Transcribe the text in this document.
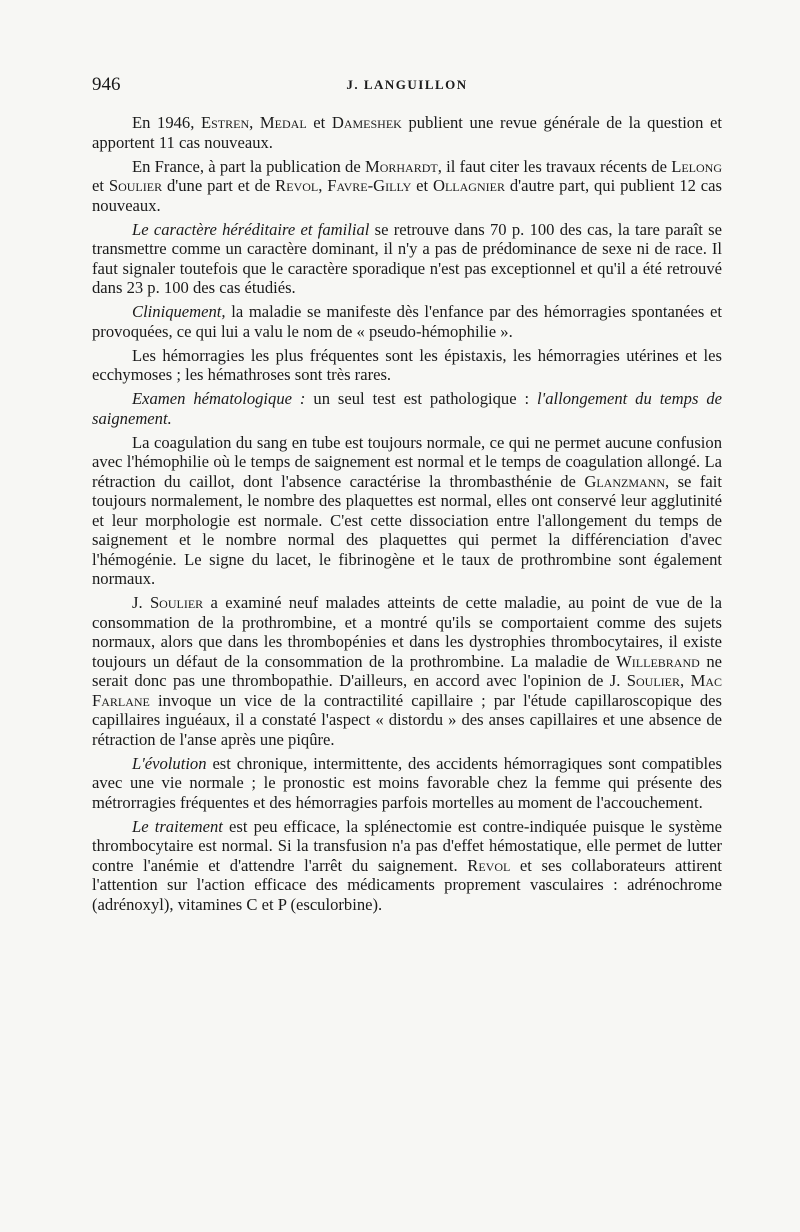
946	J. LANGUILLON

En 1946, Estren, Medal et Dameshek publient une revue générale de la question et apportent 11 cas nouveaux.

En France, à part la publication de Morhardt, il faut citer les travaux récents de Lelong et Soulier d'une part et de Revol, Favre-Gilly et Ollagnier d'autre part, qui publient 12 cas nouveaux.

Le caractère héréditaire et familial se retrouve dans 70 p. 100 des cas, la tare paraît se transmettre comme un caractère dominant, il n'y a pas de prédominance de sexe ni de race. Il faut signaler toutefois que le caractère sporadique n'est pas exceptionnel et qu'il a été retrouvé dans 23 p. 100 des cas étudiés.

Cliniquement, la maladie se manifeste dès l'enfance par des hémorragies spontanées et provoquées, ce qui lui a valu le nom de « pseudo-hémophilie ».

Les hémorragies les plus fréquentes sont les épistaxis, les hémorragies utérines et les ecchymoses ; les hémathroses sont très rares.

Examen hématologique : un seul test est pathologique : l'allongement du temps de saignement.

La coagulation du sang en tube est toujours normale, ce qui ne permet aucune confusion avec l'hémophilie où le temps de saignement est normal et le temps de coagulation allongé. La rétraction du caillot, dont l'absence caractérise la thrombasthénie de Glanzmann, se fait toujours normalement, le nombre des plaquettes est normal, elles ont conservé leur agglutinité et leur morphologie est normale. C'est cette dissociation entre l'allongement du temps de saignement et le nombre normal des plaquettes qui permet la différenciation d'avec l'hémogénie. Le signe du lacet, le fibrinogène et le taux de prothrombine sont également normaux.

J. Soulier a examiné neuf malades atteints de cette maladie, au point de vue de la consommation de la prothrombine, et a montré qu'ils se comportaient comme des sujets normaux, alors que dans les thrombopénies et dans les dystrophies thrombocytaires, il existe toujours un défaut de la consommation de la prothrombine. La maladie de Willebrand ne serait donc pas une thrombopathie. D'ailleurs, en accord avec l'opinion de J. Soulier, Mac Farlane invoque un vice de la contractilité capillaire ; par l'étude capillaroscopique des capillaires inguéaux, il a constaté l'aspect « distordu » des anses capillaires et une absence de rétraction de l'anse après une piqûre.

L'évolution est chronique, intermittente, des accidents hémorragiques sont compatibles avec une vie normale ; le pronostic est moins favorable chez la femme qui présente des métrorragies fréquentes et des hémorragies parfois mortelles au moment de l'accouchement.

Le traitement est peu efficace, la splénectomie est contre-indiquée puisque le système thrombocytaire est normal. Si la transfusion n'a pas d'effet hémostatique, elle permet de lutter contre l'anémie et d'attendre l'arrêt du saignement. Revol et ses collaborateurs attirent l'attention sur l'action efficace des médicaments proprement vasculaires : adrénochrome (adrénoxyl), vitamines C et P (esculorbine).
